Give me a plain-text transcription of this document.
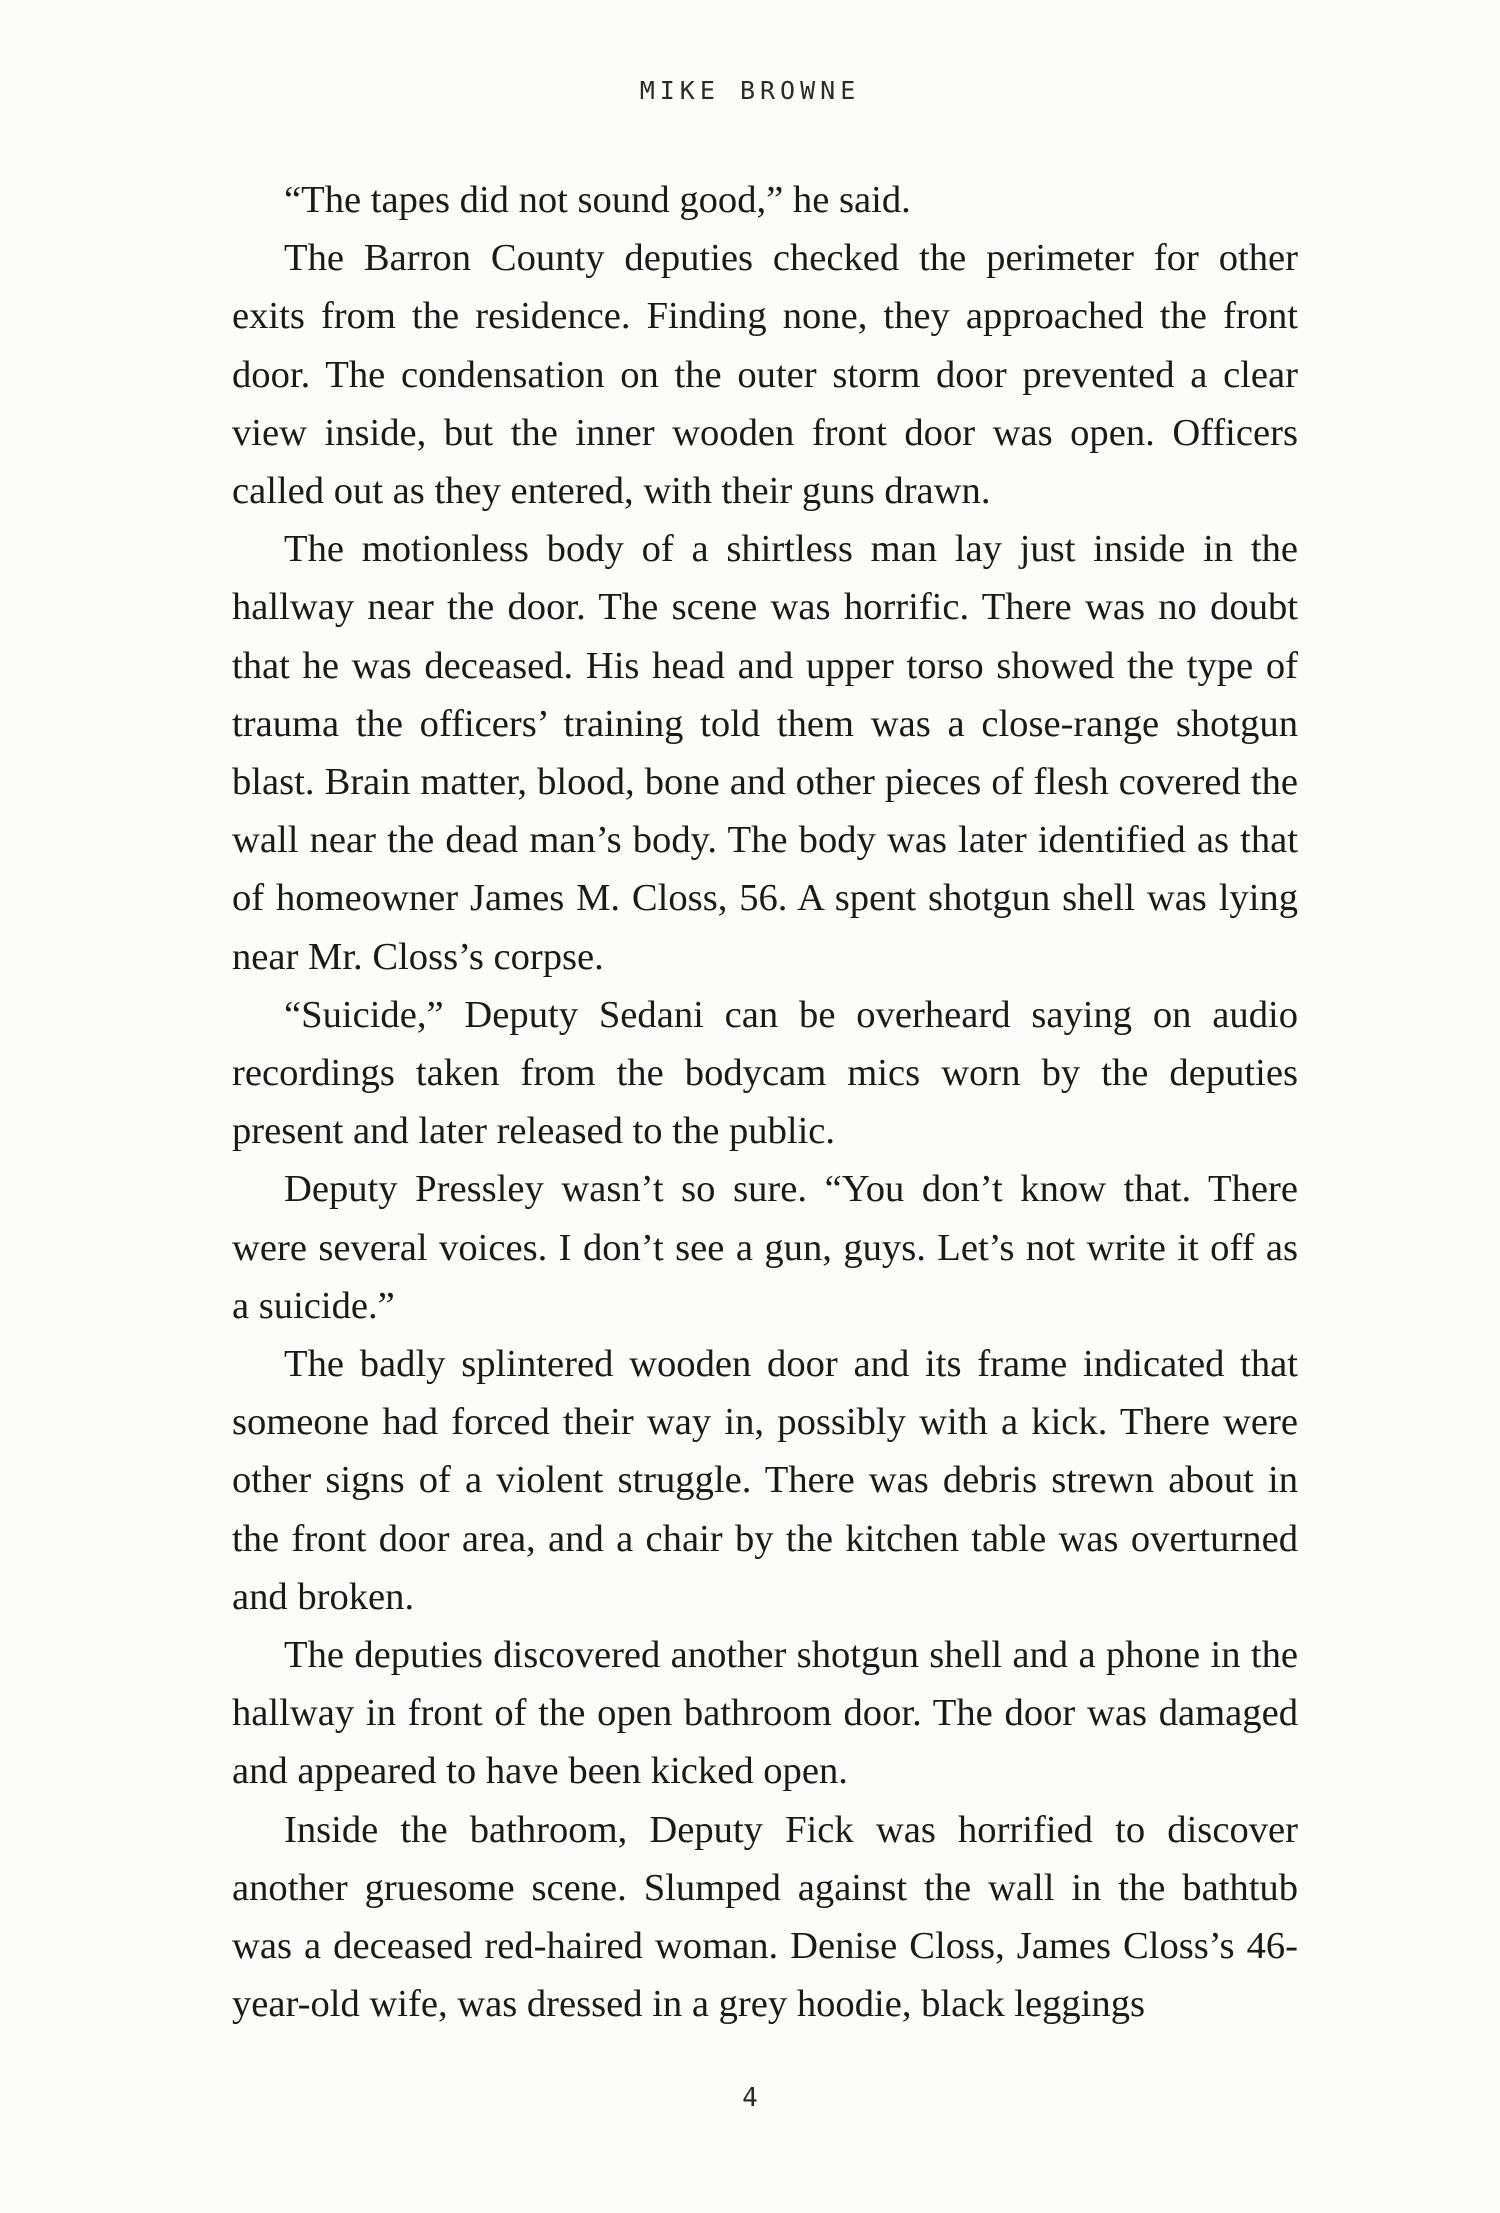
MIKE BROWNE

“The tapes did not sound good,” he said.

The Barron County deputies checked the perimeter for other exits from the residence. Finding none, they approached the front door. The condensation on the outer storm door prevented a clear view inside, but the inner wooden front door was open. Officers called out as they entered, with their guns drawn.

The motionless body of a shirtless man lay just inside in the hallway near the door. The scene was horrific. There was no doubt that he was deceased. His head and upper torso showed the type of trauma the officers’ training told them was a close-range shotgun blast. Brain matter, blood, bone and other pieces of flesh covered the wall near the dead man’s body. The body was later identified as that of homeowner James M. Closs, 56. A spent shotgun shell was lying near Mr. Closs’s corpse.

“Suicide,” Deputy Sedani can be overheard saying on audio recordings taken from the bodycam mics worn by the deputies present and later released to the public.

Deputy Pressley wasn’t so sure. “You don’t know that. There were several voices. I don’t see a gun, guys. Let’s not write it off as a suicide.”

The badly splintered wooden door and its frame indicated that someone had forced their way in, possibly with a kick. There were other signs of a violent struggle. There was debris strewn about in the front door area, and a chair by the kitchen table was overturned and broken.

The deputies discovered another shotgun shell and a phone in the hallway in front of the open bathroom door. The door was damaged and appeared to have been kicked open.

Inside the bathroom, Deputy Fick was horrified to discover another gruesome scene. Slumped against the wall in the bathtub was a deceased red-haired woman. Denise Closs, James Closs’s 46-year-old wife, was dressed in a grey hoodie, black leggings

4
